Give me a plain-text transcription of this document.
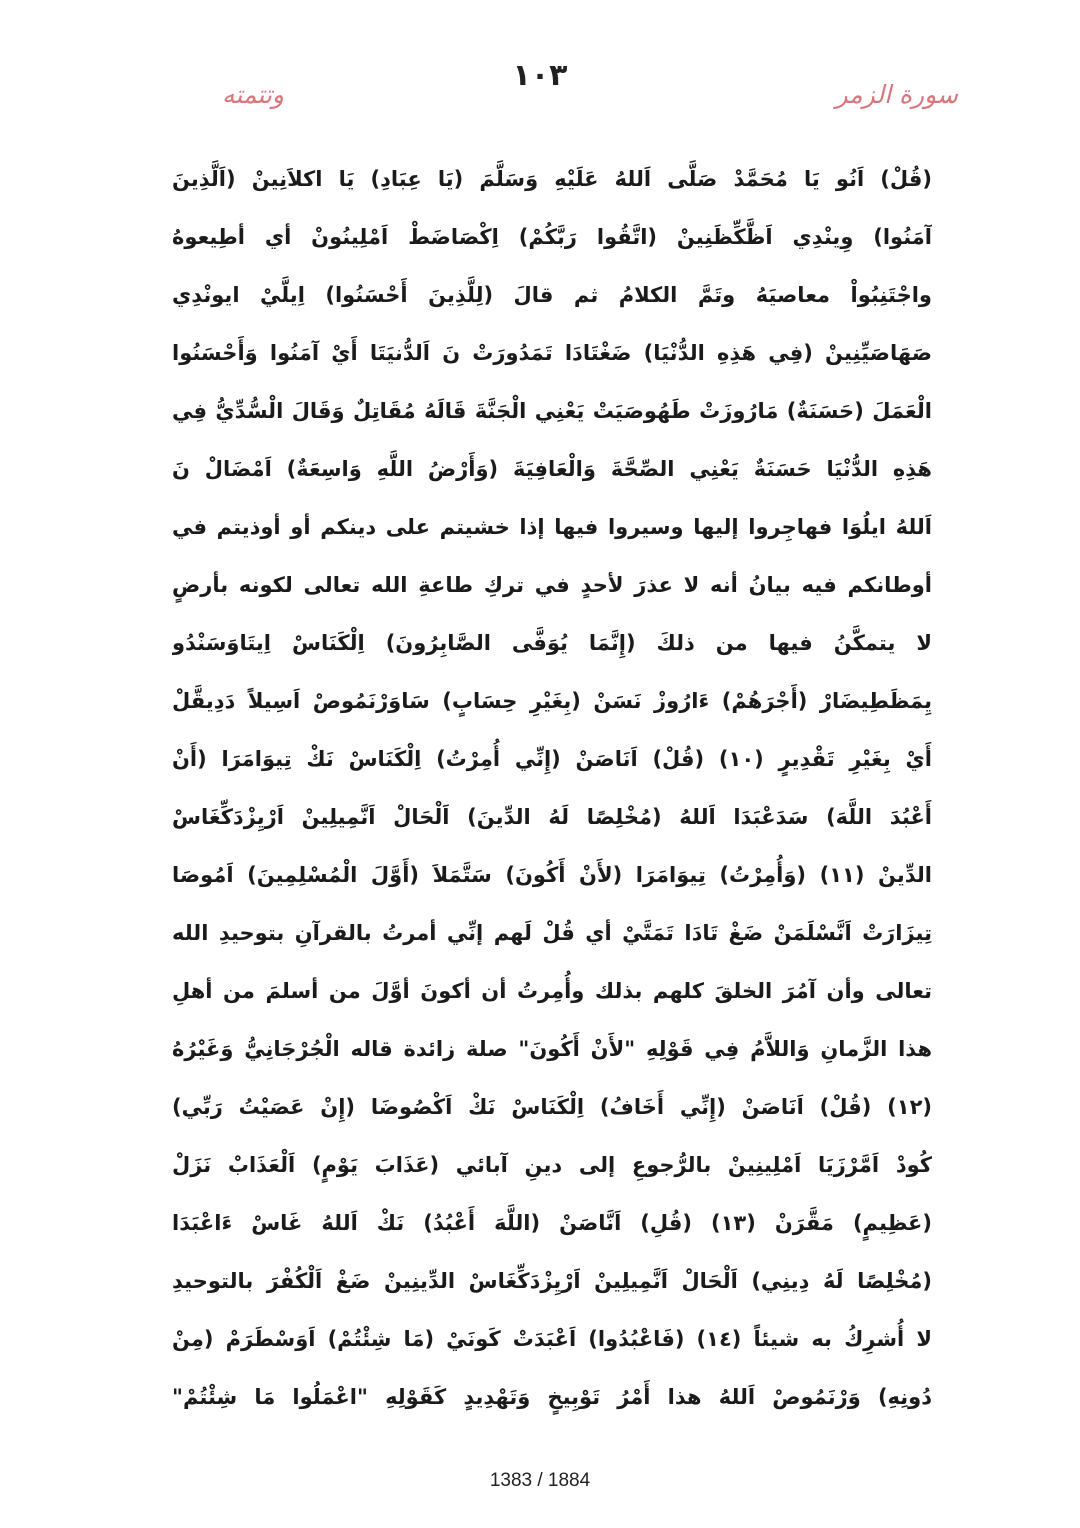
١٠٣
سورة الزمر
وتتمته
(قُلْ) اَنُو يَا مُحَمَّدْ صَلَّى اَللهُ عَلَيْهِ وَسَلَّمَ (يَا عِبَادِ) يَا اكلاَنِينْ (اَلَّذِينَ
آمَنُوا) وِينْدِي اَظَّكِّظَنِينْ (اتَّقُوا رَبَّكُمْ) اِكْصَاضَطْ اَمْلِينُونْ أي أطِيعوهُ
واجْتَنِبُواْ معاصيَهُ وتَمَّ الكلامُ ثم قالَ (لِلَّذِينَ أَحْسَنُوا) اِيلَّيْ ايونْدِي
صَهَاصَيِّنِينْ (فِي هَذِهِ الدُّنْيَا) ضَغْتَادَا تَمَدُورَتْ نَ اَلدُّنيَتَا أَيْ آمَنُوا وَأَحْسَنُوا
الْعَمَلَ (حَسَنَةٌ) مَارُوزَتْ طَهُوصَيَتْ يَعْنِي الْجَنَّةَ قَالَهُ مُقَاتِلٌ وَقَالَ الْسُّدِّيُّ فِي
هَذِهِ الدُّنْيَا حَسَنَةٌ يَعْنِي الصِّحَّةَ وَالْعَافِيَةَ (وَأَرْضُ اللَّهِ وَاسِعَةٌ) اَمْضَالْ نَ
اَللهُ ايلُوَا فهاجِروا إليها وسيروا فيها إذا خشيتم على دينكم أو أوذيتم في
أوطانكم فيه بيانُ أنه لا عذرَ لأحدٍ في تركِ طاعةِ الله تعالى لكونه بأرضٍ
لا يتمكَّنُ فيها من ذلكَ (إِنَّمَا يُوَفَّى الصَّابِرُونَ) اِلْكَنَاسْ اِيتَاوَسَنْدُو
يِمَظَطِيضَارْ (أَجْرَهُمْ) ءَارُوزْ نَسَنْ (بِغَيْرِ حِسَابٍ) سَاوَرْنَمُوصْ اَسِيلاً دَدِيقَّلْ
أَيْ بِغَيْرِ تَقْدِيرٍ (١٠) (قُلْ) اَنَاصَنْ (إِنِّي أُمِرْتُ) اِلْكَنَاسْ نَكْ تِيوَامَرَا (أَنْ
أَعْبُدَ اللَّهَ) سَدَعْبَدَا اَللهُ (مُخْلِصًا لَهُ الدِّينَ) اَلْحَالْ اَنَّمِيلِينْ اَرْيِزْدَكِّغَاسْ
الدِّينْ (١١) (وَأُمِرْتُ) تِيوَامَرَا (لأَنْ أَكُونَ) سَتَّمَلاَ (أَوَّلَ الْمُسْلِمِينَ) اَمُوصَا
تِيزَارَتْ اَنَّسْلَمَنْ ضَغْ تَادَا تَمَتَّيْ أي قُلْ لَهم إنِّي أمرتُ بالقرآنِ بتوحيدِ الله
تعالى وأن آمُرَ الخلقَ كلهم بذلك وأُمِرتُ أن أكونَ أوَّلَ من أسلمَ من أهلِ
هذا الزَّمانِ وَاللاَّمُ فِي قَوْلِهِ "لأَنْ أَكُونَ" صلة زائدة قاله الْجُرْجَانِيُّ وَغَيْرُهُ
(١٢) (قُلْ) اَنَاصَنْ (إِنِّي أَخَافُ) اِلْكَنَاسْ نَكْ اَكْصُوضَا (إِنْ عَصَيْتُ رَبِّي)
كُودْ اَمَّرْزَيَا اَمْلِينِينْ بالرُّجوعِ إلى دينِ آبائي (عَذَابَ يَوْمٍ) اَلْعَذَابْ نَزَلْ
(عَظِيمٍ) مَقَّرَنْ (١٣) (قُلِ) اَنَّاصَنْ (اللَّهَ أَعْبُدُ) نَكْ اَللهُ غَاسْ ءَاعْبَدَا
(مُخْلِصًا لَهُ دِينِي) اَلْحَالْ اَنَّمِيلِينْ اَرْيِزْدَكِّغَاسْ الدِّينِينْ ضَغْ اَلْكُفْرَ بالتوحيدِ
لا أُشرِكُ به شيئاً (١٤) (فَاعْبُدُوا) اَعْبَدَتْ كَونَيْ (مَا شِئْتُمْ) اَوَسْطَرَمْ (مِنْ
دُونِهِ) وَرْنَمُوصْ اَللهُ هذا أَمْرُ تَوْبِيخٍ وَتَهْدِيدٍ كَقَوْلِهِ "اعْمَلُوا مَا شِئْتُمْ"
1383 / 1884
